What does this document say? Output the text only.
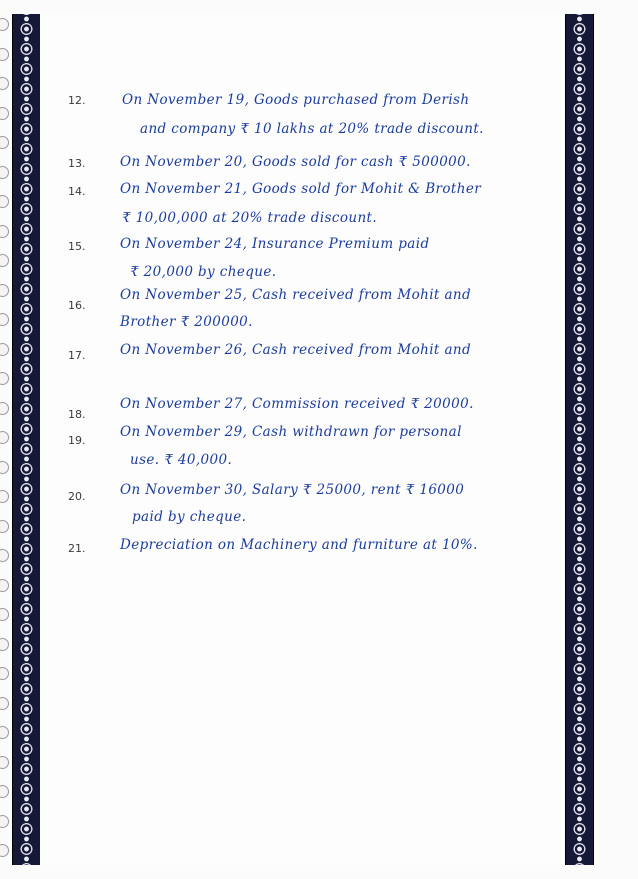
12.	On November 19, Goods purchased from Derish
and company ₹ 10 lakhs at 20% trade discount.
13.	On November 20, Goods sold for cash ₹ 500000.
14.	On November 21, Goods sold for Mohit & Brother
₹ 10,00,000 at 20% trade discount.
15.	On November 24, Insurance Premium paid
₹ 20,000 by cheque.
16.
On November 25, Cash received from Mohit and
Brother ₹ 200000.
17.	On November 26, Cash received from Mohit and
18.
On November 27, Commission received ₹ 20000.
19.
On November 29, Cash withdrawn for personal
use. ₹ 40,000.
20.	On November 30, Salary ₹ 25000, rent ₹ 16000
paid by cheque.
21.	Depreciation on Machinery and furniture at 10%.
